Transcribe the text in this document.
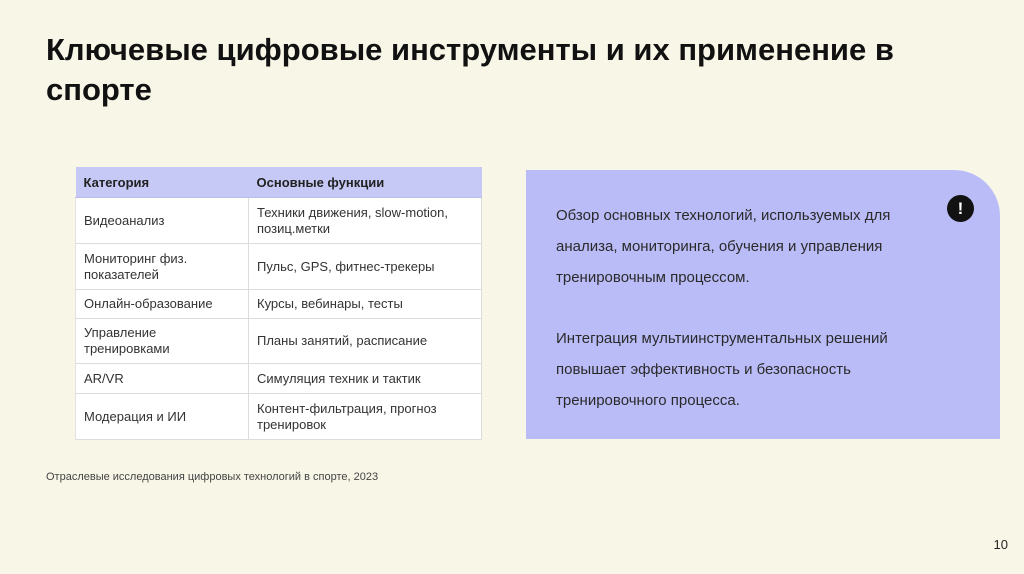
Ключевые цифровые инструменты и их применение в спорте
Категория	Основные функции
Видеоанализ	Техники движения, slow-motion, позиц.метки
Мониторинг физ. показателей	Пульс, GPS, фитнес-трекеры
Онлайн-образование	Курсы, вебинары, тесты
Управление тренировками	Планы занятий, расписание
AR/VR	Симуляция техник и тактик
Модерация и ИИ	Контент-фильтрация, прогноз тренировок

Обзор основных технологий, используемых для анализа, мониторинга, обучения и управления тренировочным процессом.

Интеграция мультиинструментальных решений повышает эффективность и безопасность тренировочного процесса.

!
Отраслевые исследования цифровых технологий в спорте, 2023
10
